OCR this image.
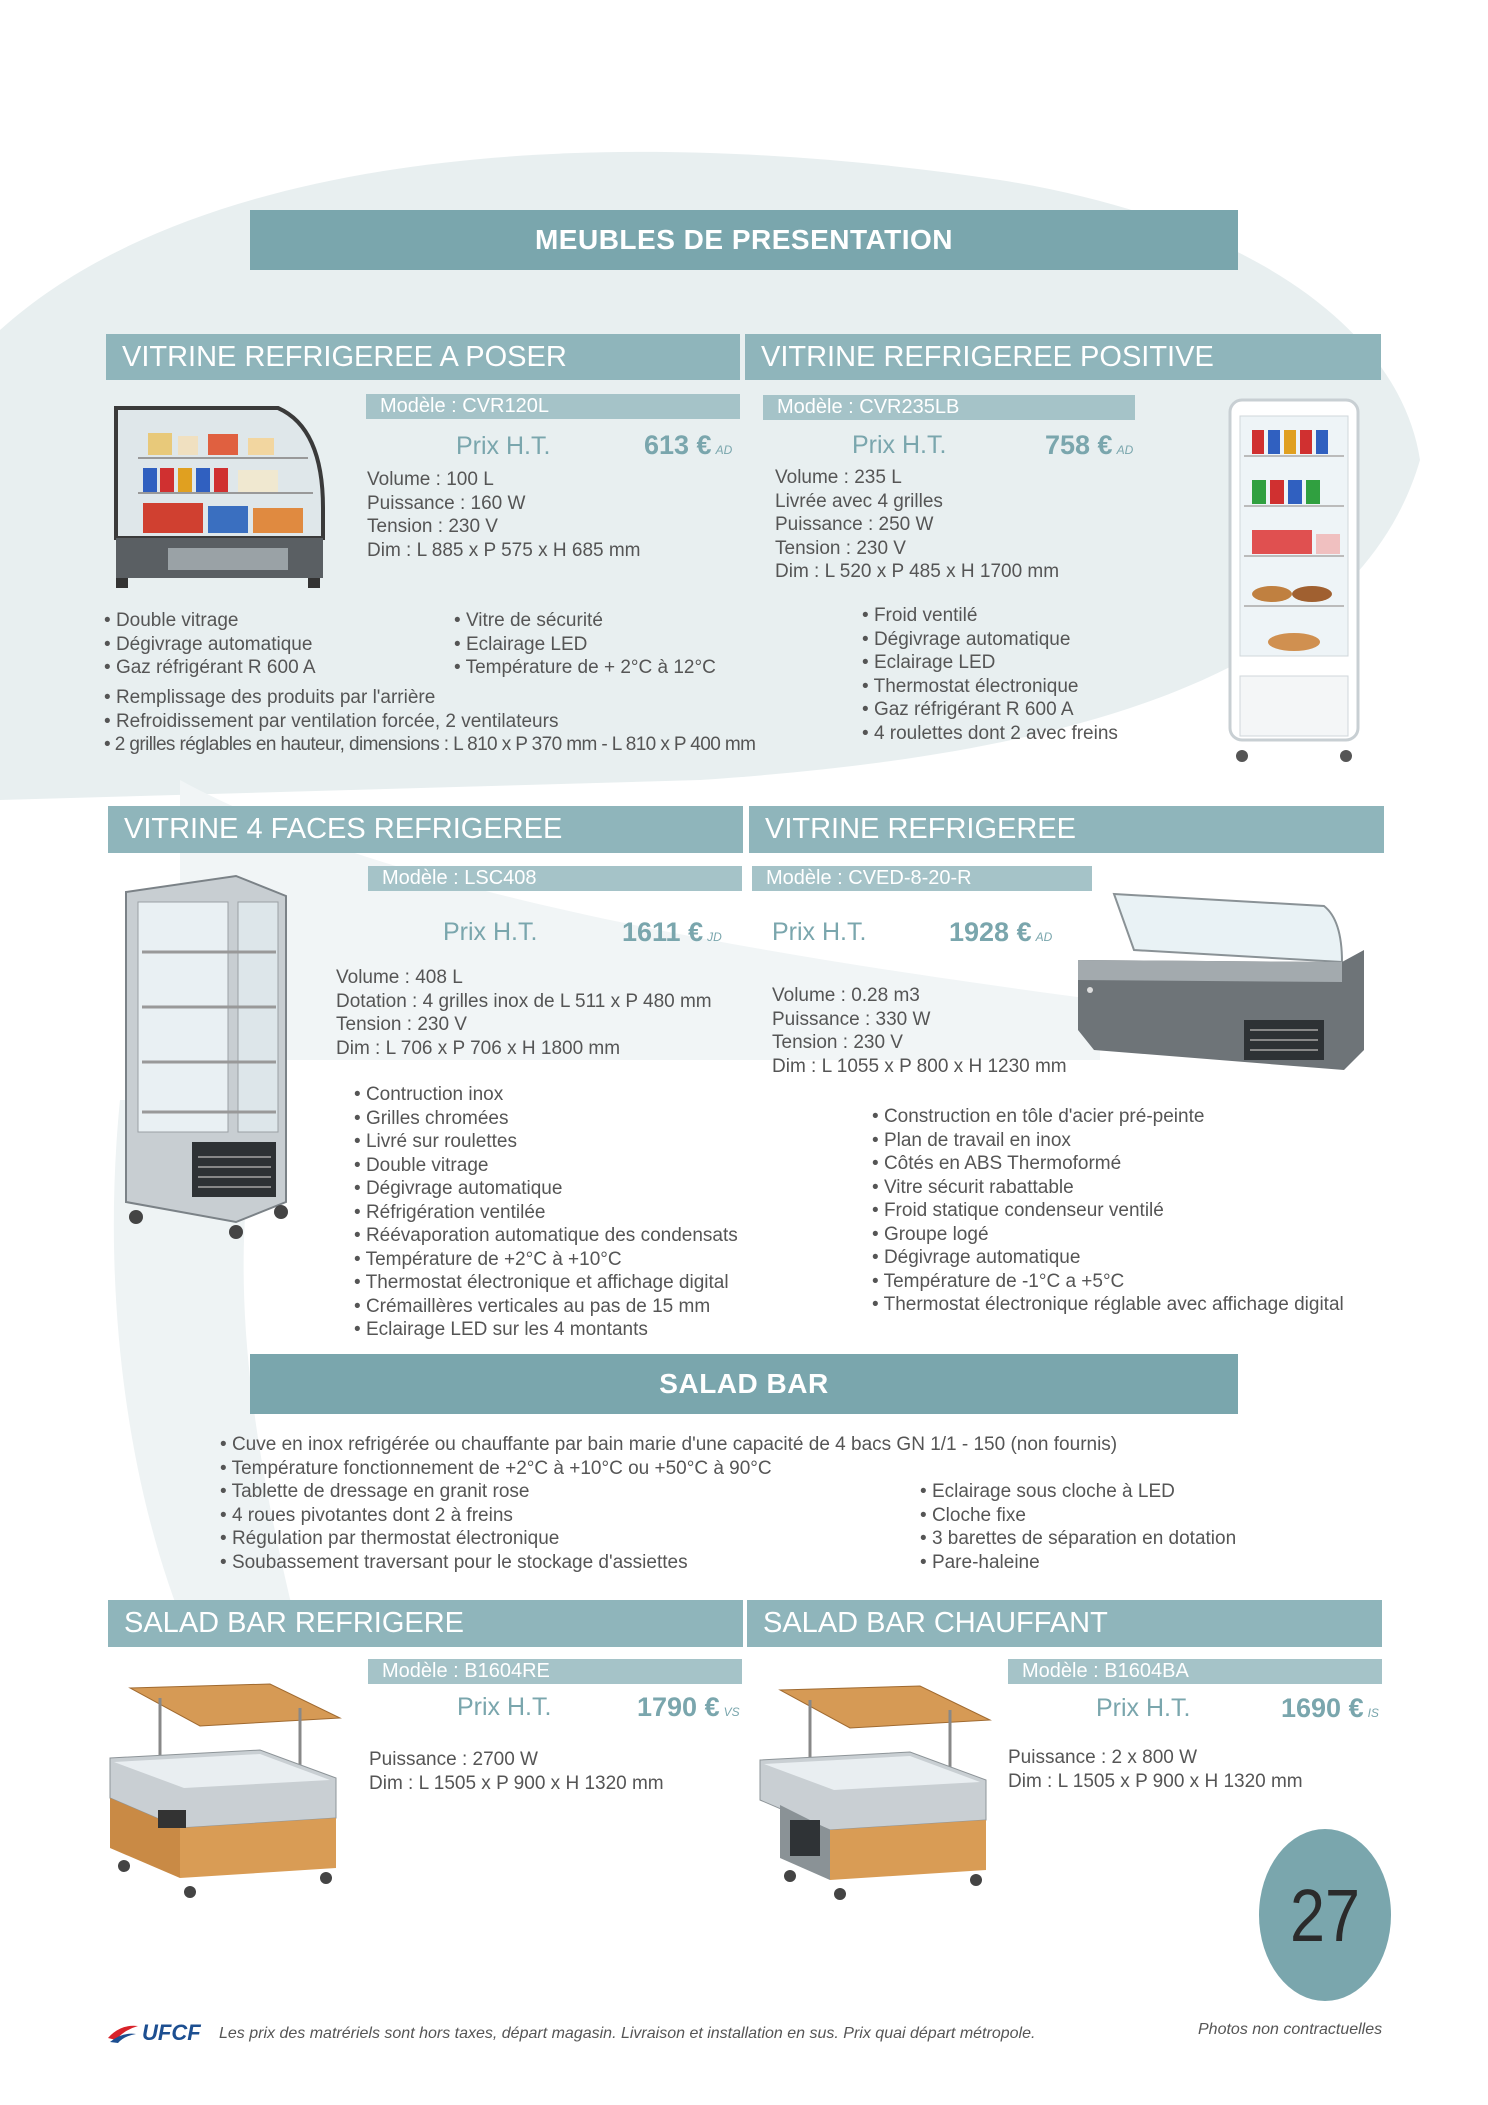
MEUBLES DE PRESENTATION
VITRINE REFRIGEREE A POSER
Modèle : CVR120L
Prix H.T.	613 € AD
Volume : 100 L
Puissance : 160 W
Tension : 230 V
Dim : L 885 x P 575 x H 685 mm
• Double vitrage
• Dégivrage automatique
• Gaz réfrigérant R 600 A
• Vitre de sécurité
• Eclairage LED
• Température de + 2°C à 12°C
• Remplissage des produits par l'arrière
• Refroidissement par ventilation forcée, 2 ventilateurs
• 2 grilles réglables en hauteur, dimensions : L 810 x P 370 mm - L 810 x P 400 mm
VITRINE REFRIGEREE POSITIVE
Modèle : CVR235LB
Prix H.T.	758 € AD
Volume : 235 L
Livrée avec 4 grilles
Puissance : 250 W
Tension : 230 V
Dim : L 520 x P 485 x H 1700 mm
• Froid ventilé
• Dégivrage automatique
• Eclairage LED
• Thermostat électronique
• Gaz réfrigérant R 600 A
• 4 roulettes dont 2 avec freins
VITRINE 4 FACES REFRIGEREE
Modèle : LSC408
Prix H.T.	1611 € JD
Volume : 408 L
Dotation : 4 grilles inox de L 511 x P 480 mm
Tension : 230 V
Dim : L 706 x P 706 x H 1800 mm
• Contruction inox
• Grilles chromées
• Livré sur roulettes
• Double vitrage
• Dégivrage automatique
• Réfrigération ventilée
• Réévaporation automatique des condensats
• Température de +2°C à +10°C
• Thermostat électronique et affichage digital
• Crémaillères verticales au pas de 15 mm
• Eclairage LED sur les 4 montants
VITRINE REFRIGEREE
Modèle : CVED-8-20-R
Prix H.T.	1928 € AD
Volume : 0.28 m3
Puissance : 330 W
Tension : 230 V
Dim : L 1055 x P 800 x H 1230 mm
• Construction en tôle d'acier pré-peinte
• Plan de travail en inox
• Côtés en ABS Thermoformé
• Vitre sécurit rabattable
• Froid statique condenseur ventilé
• Groupe logé
• Dégivrage automatique
• Température de -1°C a +5°C
• Thermostat électronique réglable avec affichage digital
SALAD BAR
• Cuve en inox refrigérée ou chauffante par bain marie d'une capacité de 4 bacs GN 1/1 - 150 (non fournis)
• Température fonctionnement de +2°C à +10°C ou +50°C à 90°C
• Tablette de dressage en granit rose
• 4 roues pivotantes dont 2 à freins
• Régulation par thermostat électronique
• Soubassement traversant pour le stockage d'assiettes
• Eclairage sous cloche à LED
• Cloche fixe
• 3 barettes de séparation en dotation
• Pare-haleine
SALAD BAR REFRIGERE
Modèle : B1604RE
Prix H.T.	1790 € VS
Puissance : 2700 W
Dim : L 1505 x P 900 x H 1320 mm
SALAD BAR CHAUFFANT
Modèle : B1604BA
Prix H.T.	1690 € IS
Puissance : 2 x 800 W
Dim : L 1505 x P 900 x H 1320 mm
27
UFCF Les prix des matrériels sont hors taxes, départ magasin. Livraison et installation en sus. Prix quai départ métropole.	Photos non contractuelles
